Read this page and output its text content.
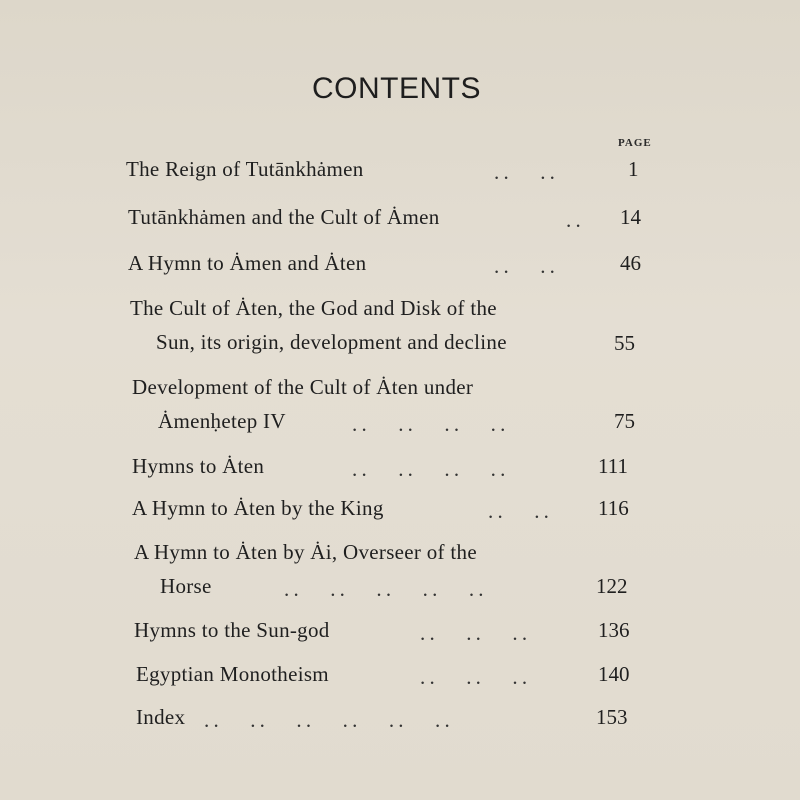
CONTENTS
PAGE
The Reign of Tutānkhȧmen	. .      . .	1
Tutānkhȧmen and the Cult of Ȧmen	. . 14
A Hymn to Ȧmen and Ȧten	. .      . .	46
The Cult of Ȧten, the God and Disk of the
Sun, its origin, development and decline	55
Development of the Cult of Ȧten under
Ȧmenḥetep IV	. .      . .      . .      . .	75
Hymns to Ȧten	. .      . .      . .      . .	111
A Hymn to Ȧten by the King	. .      . . 116
A Hymn to Ȧten by Ȧi, Overseer of the
Horse	. .      . .      . .      . .      . .	122
Hymns to the Sun-god	. .      . .      . .	136
Egyptian Monotheism	. .      . .      . .	140
Index . .      . .      . .      . .      . .      . .	153
